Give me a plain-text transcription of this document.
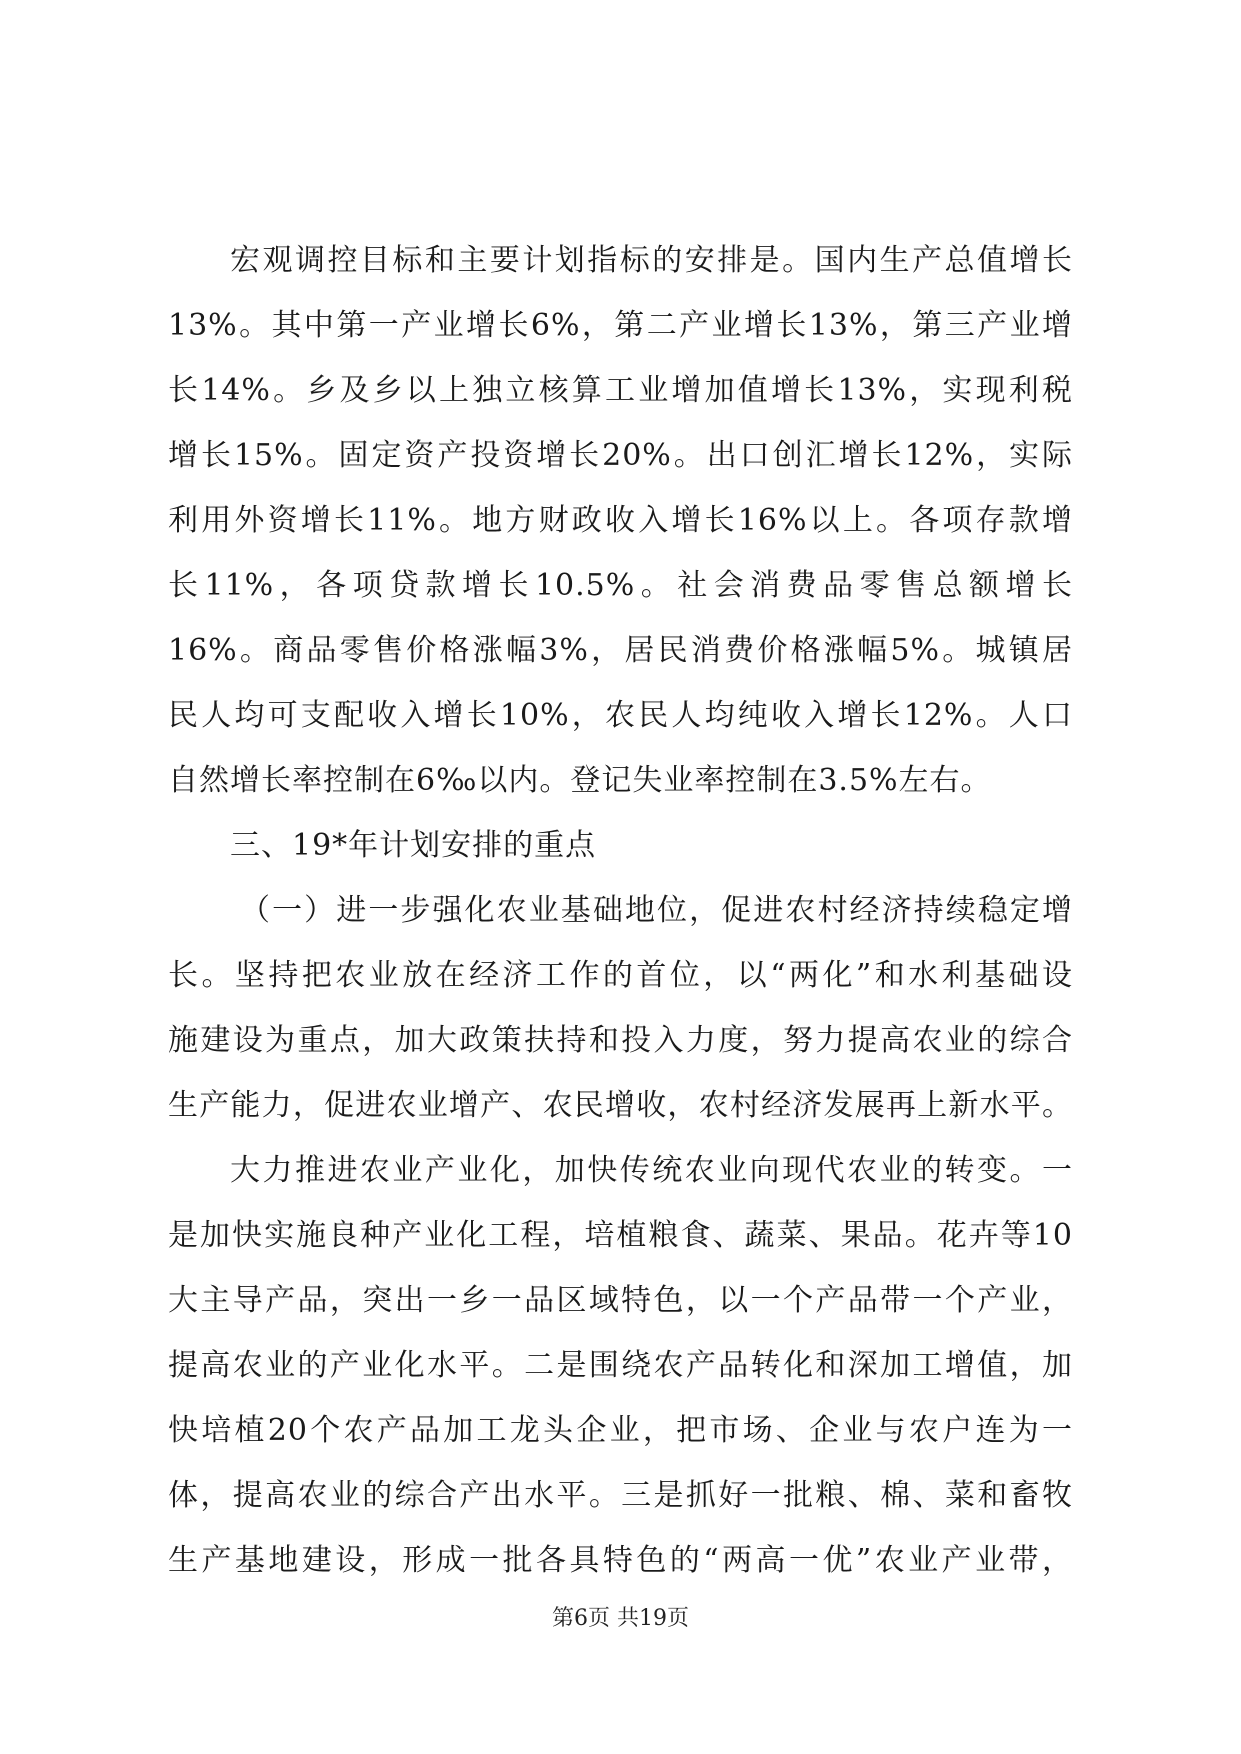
宏观调控目标和主要计划指标的安排是。国内生产总值增长
13%。其中第一产业增长6%，第二产业增长13%，第三产业增
长14%。乡及乡以上独立核算工业增加值增长13%，实现利税
增长15%。固定资产投资增长20%。出口创汇增长12%，实际
利用外资增长11%。地方财政收入增长16%以上。各项存款增
长11%，各项贷款增长10.5%。社会消费品零售总额增长
16%。商品零售价格涨幅3%，居民消费价格涨幅5%。城镇居
民人均可支配收入增长10%，农民人均纯收入增长12%。人口
自然增长率控制在6‰以内。登记失业率控制在3.5%左右。
三、19*年计划安排的重点
（一）进一步强化农业基础地位，促进农村经济持续稳定增
长。坚持把农业放在经济工作的首位，以“两化”和水利基础设
施建设为重点，加大政策扶持和投入力度，努力提高农业的综合
生产能力，促进农业增产、农民增收，农村经济发展再上新水平。
大力推进农业产业化，加快传统农业向现代农业的转变。一
是加快实施良种产业化工程，培植粮食、蔬菜、果品。花卉等10
大主导产品，突出一乡一品区域特色，以一个产品带一个产业，
提高农业的产业化水平。二是围绕农产品转化和深加工增值，加
快培植20个农产品加工龙头企业，把市场、企业与农户连为一
体，提高农业的综合产出水平。三是抓好一批粮、棉、菜和畜牧
生产基地建设，形成一批各具特色的“两高一优”农业产业带，
第6页 共19页
